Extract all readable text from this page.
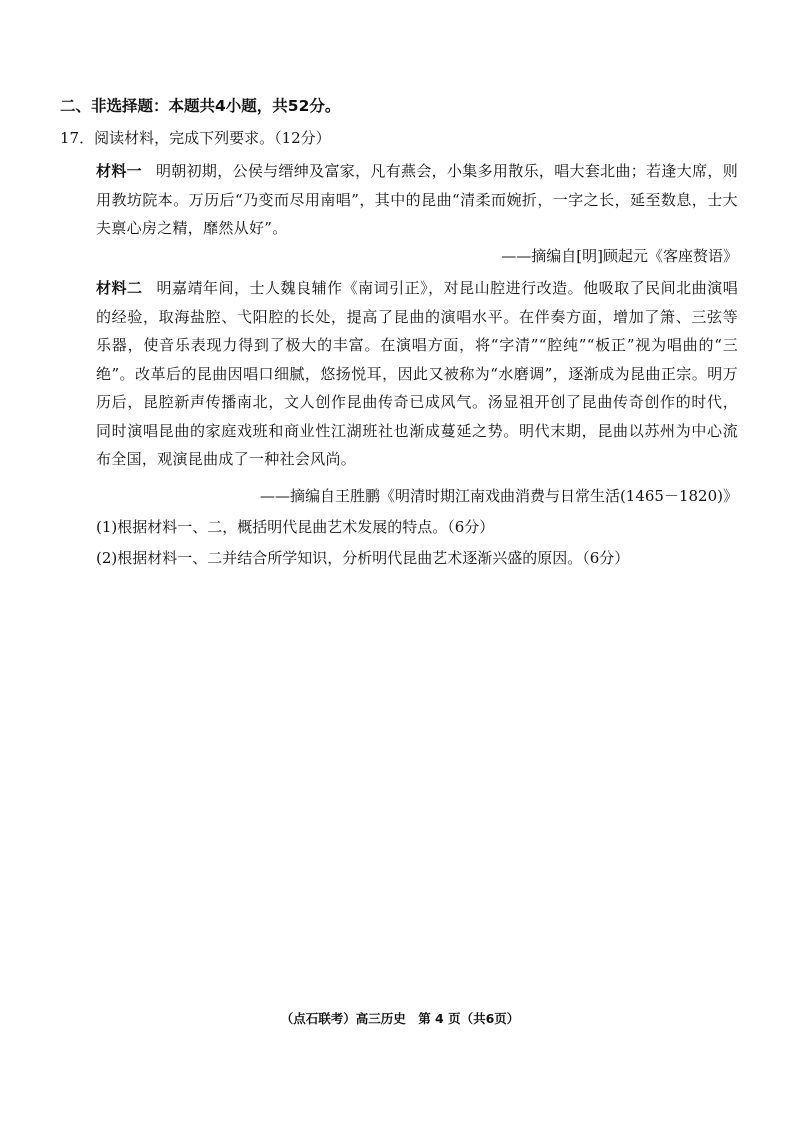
二、非选择题：本题共4小题，共52分。
17．阅读材料，完成下列要求。（12分）
材料一 明朝初期，公侯与缙绅及富家，凡有燕会，小集多用散乐，唱大套北曲；若逢大席，则用教坊院本。万历后“乃变而尽用南唱”，其中的昆曲“清柔而婉折，一字之长，延至数息，士大夫禀心房之精，靡然从好”。
——摘编自[明]顾起元《客座赘语》
材料二 明嘉靖年间，士人魏良辅作《南词引正》，对昆山腔进行改造。他吸取了民间北曲演唱的经验，取海盐腔、弋阳腔的长处，提高了昆曲的演唱水平。在伴奏方面，增加了箫、三弦等乐器，使音乐表现力得到了极大的丰富。在演唱方面，将“字清”“腔纯”“板正”视为唱曲的“三绝”。改革后的昆曲因唱口细腻，悠扬悦耳，因此又被称为“水磨调”，逐渐成为昆曲正宗。明万历后，昆腔新声传播南北，文人创作昆曲传奇已成风气。汤显祖开创了昆曲传奇创作的时代，同时演唱昆曲的家庭戏班和商业性江湖班社也渐成蔓延之势。明代末期，昆曲以苏州为中心流布全国，观演昆曲成了一种社会风尚。
——摘编自王胜鹏《明清时期江南戏曲消费与日常生活(1465－1820)》
(1)根据材料一、二，概括明代昆曲艺术发展的特点。（6分）
(2)根据材料一、二并结合所学知识，分析明代昆曲艺术逐渐兴盛的原因。（6分）
（点石联考）高三历史　第 4 页（共6页）
